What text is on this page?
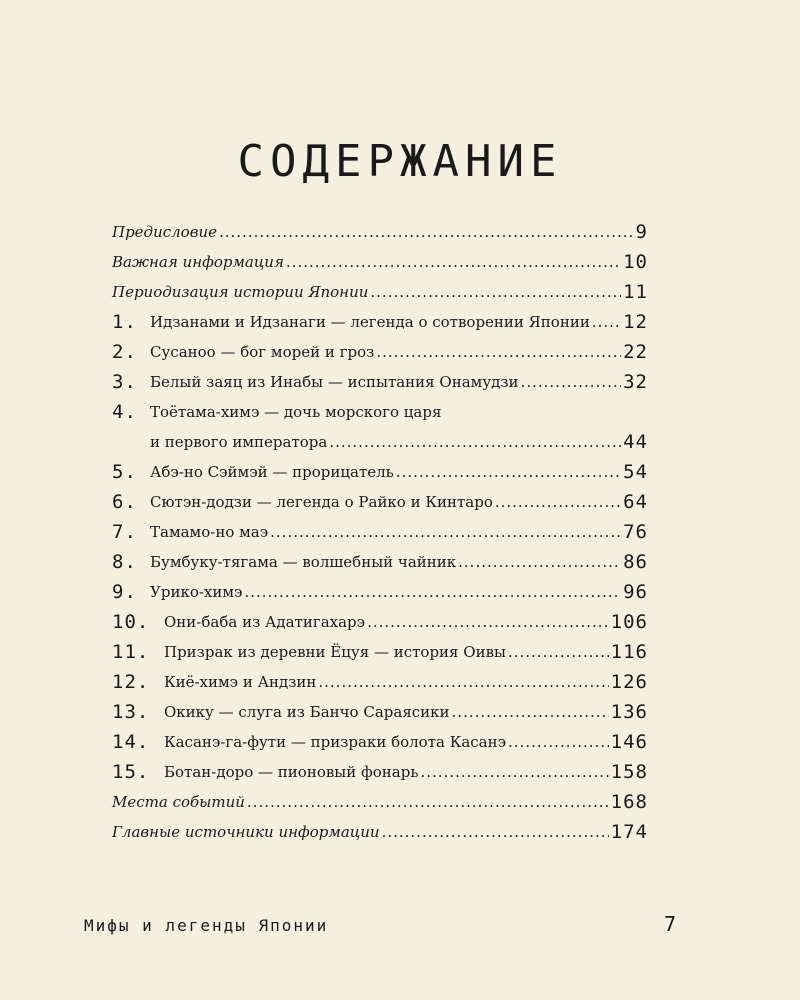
СОДЕРЖАНИЕ
Предисловие .....	9
Важная информация .....	10
Периодизация истории Японии .....	11
1. Идзанами и Идзанаги — легенда о сотворении Японии ..... 12
2. Сусаноо — бог морей и гроз .....	22
3. Белый заяц из Инабы — испытания Онамудзи .....	32
4. Тоётама-химэ — дочь морского царя
и первого императора .....	44
5. Абэ-но Сэймэй — прорицатель .....	54
6. Сютэн-додзи — легенда о Райко и Кинтаро .....	64
7. Тамамо-но маэ .....	76
8. Бумбуку-тягама — волшебный чайник .....	86
9. Урико-химэ .....	96
10. Они-баба из Адатигахарэ .....	106
11. Призрак из деревни Ёцуя — история Оивы .....	116
12. Киё-химэ и Андзин .....	126
13. Окику — слуга из Банчо Сараясики .....	136
14. Касанэ-га-фути — призраки болота Касанэ .....	146
15. Ботан-доро — пионовый фонарь .....	158
Места событий .....	168
Главные источники информации .....	174
Мифы и легенды Японии	7
